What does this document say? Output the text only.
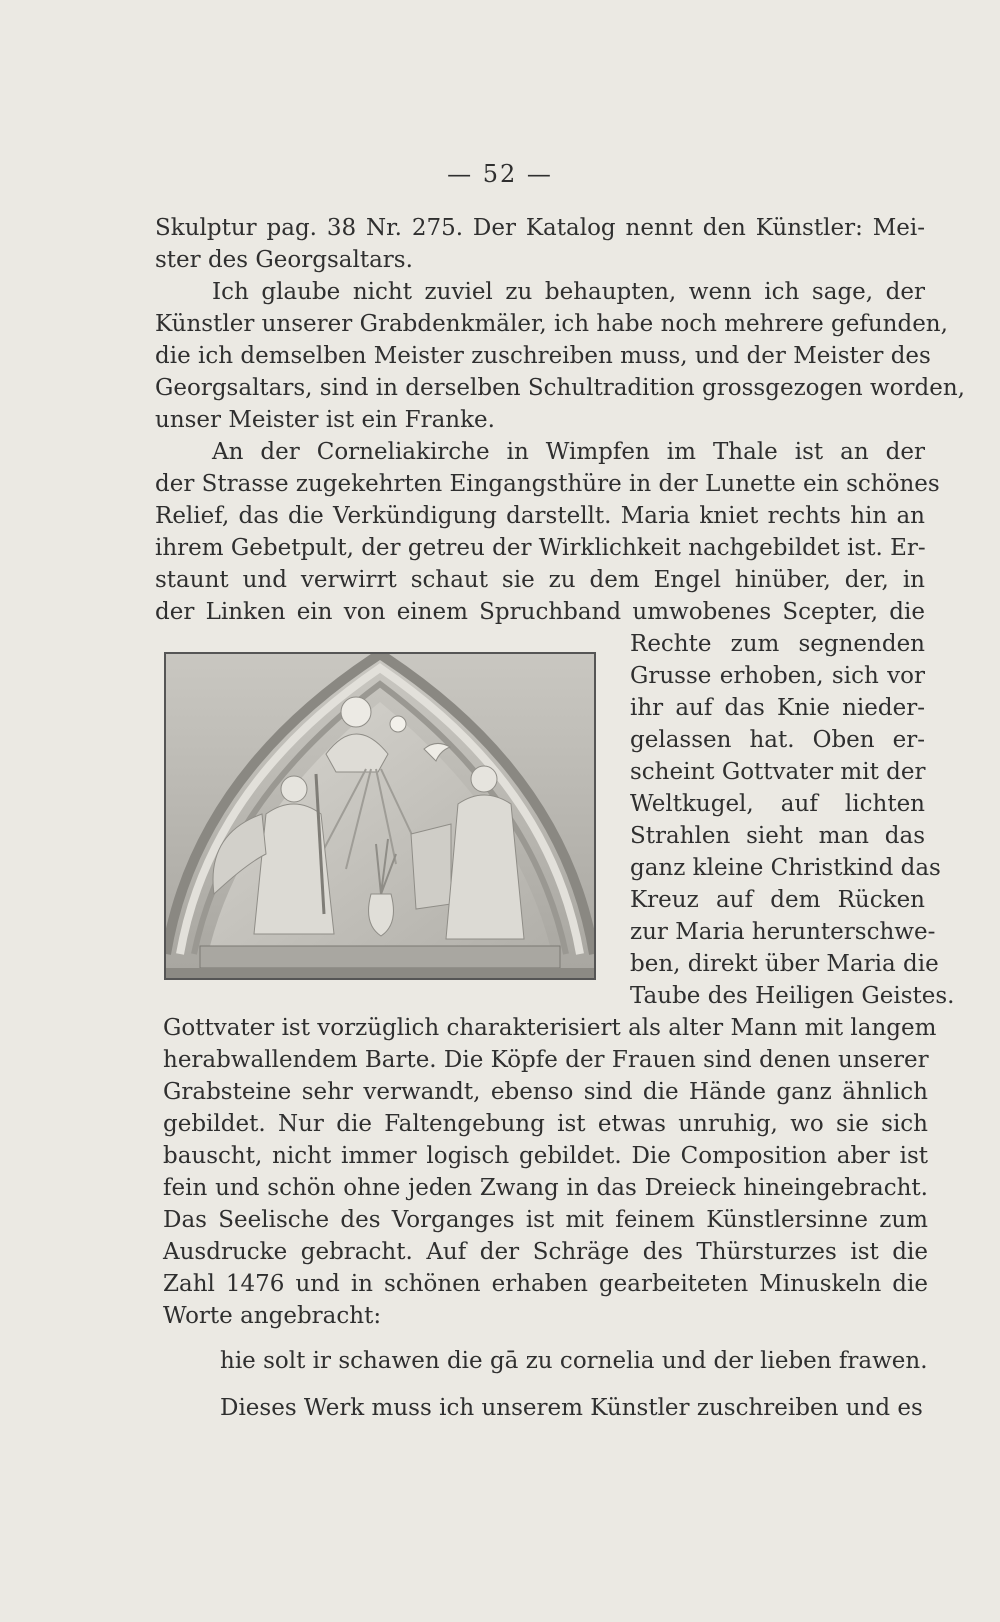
— 52 —
Skulptur pag. 38 Nr. 275. Der Katalog nennt den Künstler: Mei-
ster des Georgsaltars.
Ich glaube nicht zuviel zu behaupten, wenn ich sage, der
Künstler unserer Grabdenkmäler, ich habe noch mehrere gefunden,
die ich demselben Meister zuschreiben muss, und der Meister des
Georgsaltars, sind in derselben Schultradition grossgezogen worden,
unser Meister ist ein Franke.
An der Corneliakirche in Wimpfen im Thale ist an der
der Strasse zugekehrten Eingangsthüre in der Lunette ein schönes
Relief, das die Verkündigung darstellt. Maria kniet rechts hin an
ihrem Gebetpult, der getreu der Wirklichkeit nachgebildet ist. Er-
staunt und verwirrt schaut sie zu dem Engel hinüber, der, in
der Linken ein von einem Spruchband umwobenes Scepter, die
Rechte zum segnenden
Grusse erhoben, sich vor
ihr auf das Knie nieder-
gelassen hat. Oben er-
scheint Gottvater mit der
Weltkugel, auf lichten
Strahlen sieht man das
ganz kleine Christkind das
Kreuz auf dem Rücken
zur Maria herunterschwe-
ben, direkt über Maria die
Taube des Heiligen Geistes.
Gottvater ist vorzüglich charakterisiert als alter Mann mit langem
herabwallendem Barte. Die Köpfe der Frauen sind denen unserer
Grabsteine sehr verwandt, ebenso sind die Hände ganz ähnlich
gebildet. Nur die Faltengebung ist etwas unruhig, wo sie sich
bauscht, nicht immer logisch gebildet. Die Composition aber ist
fein und schön ohne jeden Zwang in das Dreieck hineingebracht.
Das Seelische des Vorganges ist mit feinem Künstlersinne zum
Ausdrucke gebracht. Auf der Schräge des Thürsturzes ist die
Zahl 1476 und in schönen erhaben gearbeiteten Minuskeln die
Worte angebracht:
hie solt ir schawen die gā zu cornelia und der lieben frawen.
Dieses Werk muss ich unserem Künstler zuschreiben und es
